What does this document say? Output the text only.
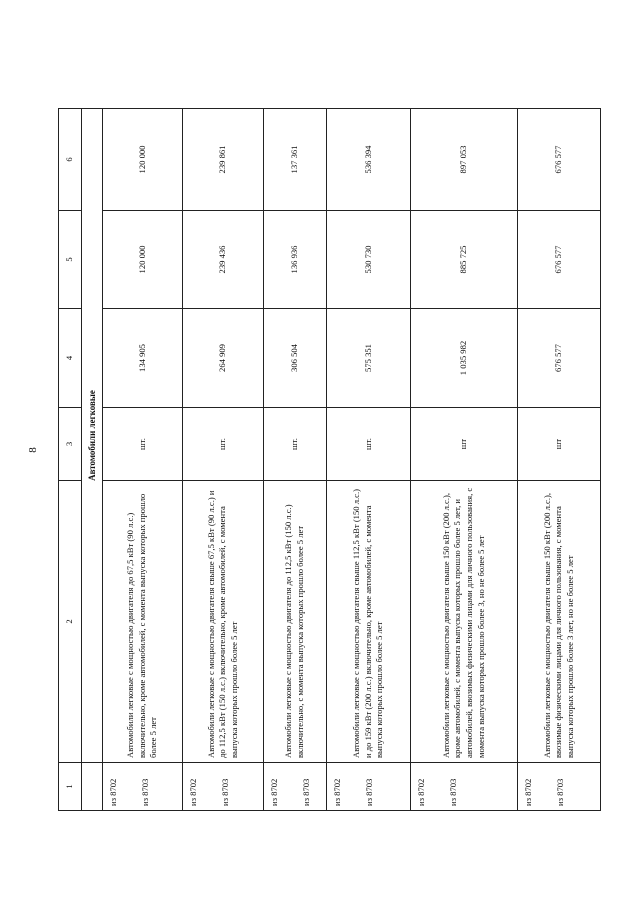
8
1	2	3	4	5	6
	Автомобили легковые				

из 8702 из 8703	Автомобили легковые с мощностью двигателя до 67,5 кВт (90 л.с.) включительно, кроме автомобилей, с момента выпуска которых прошло более 5 лет	шт.	134 905	120 000	120 000

из 8702 из 8703	Автомобили легковые с мощностью двигателя свыше 67,5 кВт (90 л.с.) и до 112,5 кВт (150 л.с.) включительно, кроме автомобилей, с момента выпуска которых прошло более 5 лет	шт.	264 909	239 436	239 861

из 8702 из 8703	Автомобили легковые с мощностью двигателя до 112,5 кВт (150 л.с.) включительно, с момента выпуска которых прошло более 5 лет	шт.	306 504	136 936	137 361

из 8702 из 8703	Автомобили легковые с мощностью двигателя свыше 112,5 кВт (150 л.с.) и до 159 кВт (200 л.с.) включительно, кроме автомобилей, с момента выпуска которых прошло более 5 лет	шт.	575 351	530 730	536 394

из 8702 из 8703	Автомобили легковые с мощностью двигателя свыше 150 кВт (200 л.с.), кроме автомобилей, с момента выпуска которых прошло более 5 лет, и автомобилей, ввозимых физическими лицами для личного пользования, с момента выпуска которых прошло более 3, но не более 5 лет	шт	1 035 982	885 725	897 053

из 8702 из 8703	Автомобили легковые с мощностью двигателя свыше 150 кВт (200 л.с.), ввозимые физическими лицами для личного пользования, с момента выпуска которых прошло более 3 лет, но не более 5 лет	шт	676 577	676 577	676 577
